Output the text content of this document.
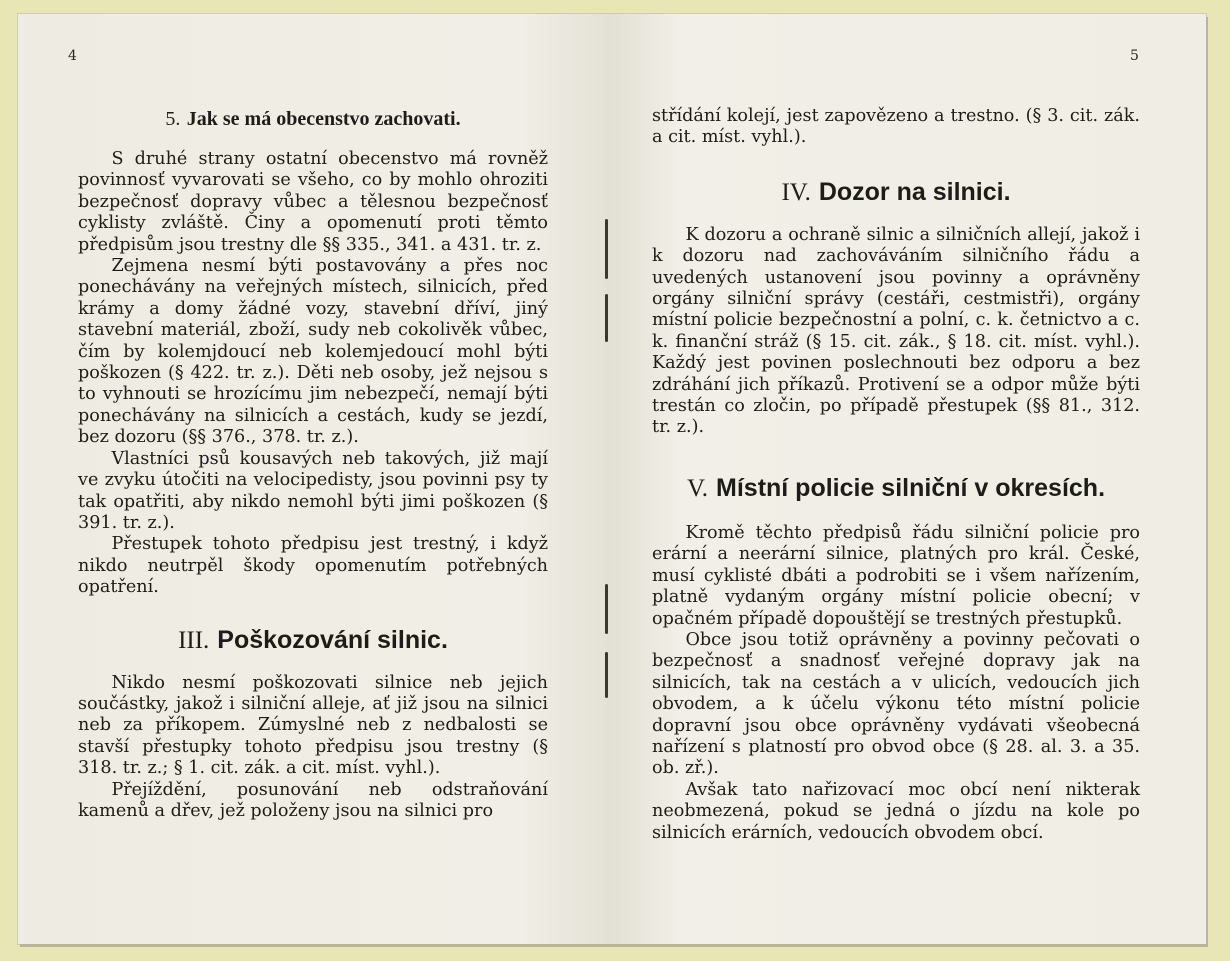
4
5. Jak se má obecenstvo zachovati.

S druhé strany ostatní obecenstvo má rovněž povinnosť vyvarovati se všeho, co by mohlo ohroziti bezpečnosť dopravy vůbec a tělesnou bezpečnosť cyklisty zvláště. Činy a opomenutí proti těmto předpisům jsou trestny dle §§ 335., 341. a 431. tr. z.

Zejmena nesmí býti postavovány a přes noc ponechávány na veřejných místech, silnicích, před krámy a domy žádné vozy, stavební dříví, jiný stavební materiál, zboží, sudy neb cokolivěk vůbec, čím by kolemjdoucí neb kolemjedoucí mohl býti poškozen (§ 422. tr. z.). Děti neb osoby, jež nejsou s to vyhnouti se hrozícímu jim nebezpečí, nemají býti ponechávány na silnicích a cestách, kudy se jezdí, bez dozoru (§§ 376., 378. tr. z.).

Vlastníci psů kousavých neb takových, již mají ve zvyku útočiti na velocipedisty, jsou povinni psy ty tak opatřiti, aby nikdo nemohl býti jimi poškozen (§ 391. tr. z.).

Přestupek tohoto předpisu jest trestný, i když nikdo neutrpěl škody opomenutím potřebných opatření.

III. Poškozování silnic.

Nikdo nesmí poškozovati silnice neb jejich součástky, jakož i silniční alleje, ať již jsou na silnici neb za příkopem. Zúmyslné neb z nedbalosti se stavší přestupky tohoto předpisu jsou trestny (§ 318. tr. z.; § 1. cit. zák. a cit. míst. vyhl.).

Přejíždění, posunování neb odstraňování kamenů a dřev, jež položeny jsou na silnici pro

5

střídání kolejí, jest zapovězeno a trestno. (§ 3. cit. zák. a cit. míst. vyhl.).

IV. Dozor na silnici.

K dozoru a ochraně silnic a silničních allejí, jakož i k dozoru nad zachováváním silničního řádu a uvedených ustanovení jsou povinny a oprávněny orgány silniční správy (cestáři, cestmistři), orgány místní policie bezpečnostní a polní, c. k. četnictvo a c. k. finanční stráž (§ 15. cit. zák., § 18. cit. míst. vyhl.). Každý jest povinen poslechnouti bez odporu a bez zdráhání jich příkazů. Protivení se a odpor může býti trestán co zločin, po případě přestupek (§§ 81., 312. tr. z.).

V. Místní policie silniční v okresích.

Kromě těchto předpisů řádu silniční policie pro erární a neerární silnice, platných pro král. České, musí cyklisté dbáti a podrobiti se i všem nařízením, platně vydaným orgány místní policie obecní; v opačném případě dopouštějí se trestných přestupků.

Obce jsou totiž oprávněny a povinny pečovati o bezpečnosť a snadnosť veřejné dopravy jak na silnicích, tak na cestách a v ulicích, vedoucích jich obvodem, a k účelu výkonu této místní policie dopravní jsou obce oprávněny vydávati všeobecná nařízení s platností pro obvod obce (§ 28. al. 3. a 35. ob. zř.).

Avšak tato nařizovací moc obcí není nikterak neobmezená, pokud se jedná o jízdu na kole po silnicích erárních, vedoucích obvodem obcí.
